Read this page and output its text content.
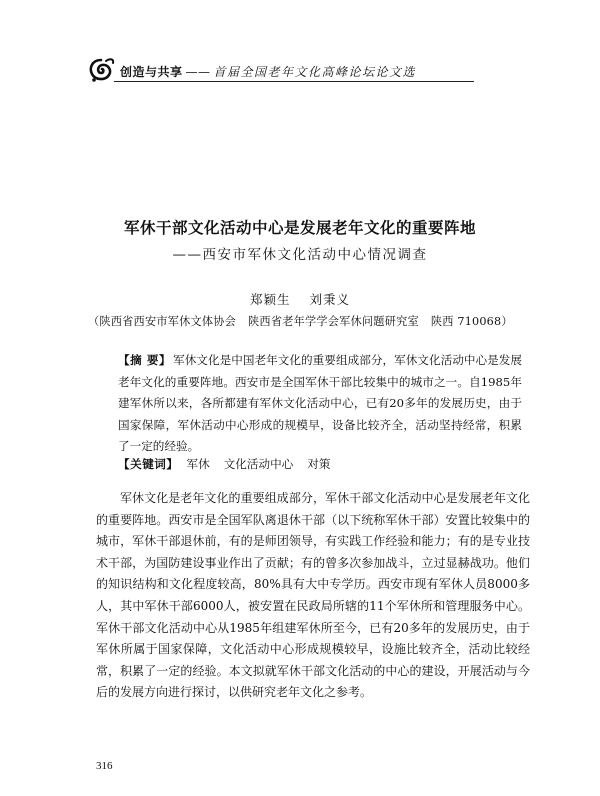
创造与共享 —— 首届全国老年文化高峰论坛论文选
军休干部文化活动中心是发展老年文化的重要阵地
——西安市军休文化活动中心情况调查
郑颖生 刘秉义
（陕西省西安市军休文体协会 陕西省老年学学会军休问题研究室 陕西 710068）
【摘 要】 军休文化是中国老年文化的重要组成部分，军休文化活动中心是发展老年文化的重要阵地。西安市是全国军休干部比较集中的城市之一。自1985年建军休所以来，各所都建有军休文化活动中心，已有20多年的发展历史，由于国家保障，军休活动中心形成的规模早，设备比较齐全，活动坚持经常，积累了一定的经验。
【关键词】 军休 文化活动中心 对策
军休文化是老年文化的重要组成部分，军休干部文化活动中心是发展老年文化的重要阵地。西安市是全国军队离退休干部（以下统称军休干部）安置比较集中的城市，军休干部退休前，有的是师团领导，有实践工作经验和能力；有的是专业技术干部，为国防建设事业作出了贡献；有的曾多次参加战斗，立过显赫战功。他们的知识结构和文化程度较高，80%具有大中专学历。西安市现有军休人员8000多人，其中军休干部6000人，被安置在民政局所辖的11个军休所和管理服务中心。军休干部文化活动中心从1985年组建军休所至今，已有20多年的发展历史，由于军休所属于国家保障，文化活动中心形成规模较早，设施比较齐全，活动比较经常，积累了一定的经验。本文拟就军休干部文化活动的中心的建设，开展活动与今后的发展方向进行探讨，以供研究老年文化之参考。
316
